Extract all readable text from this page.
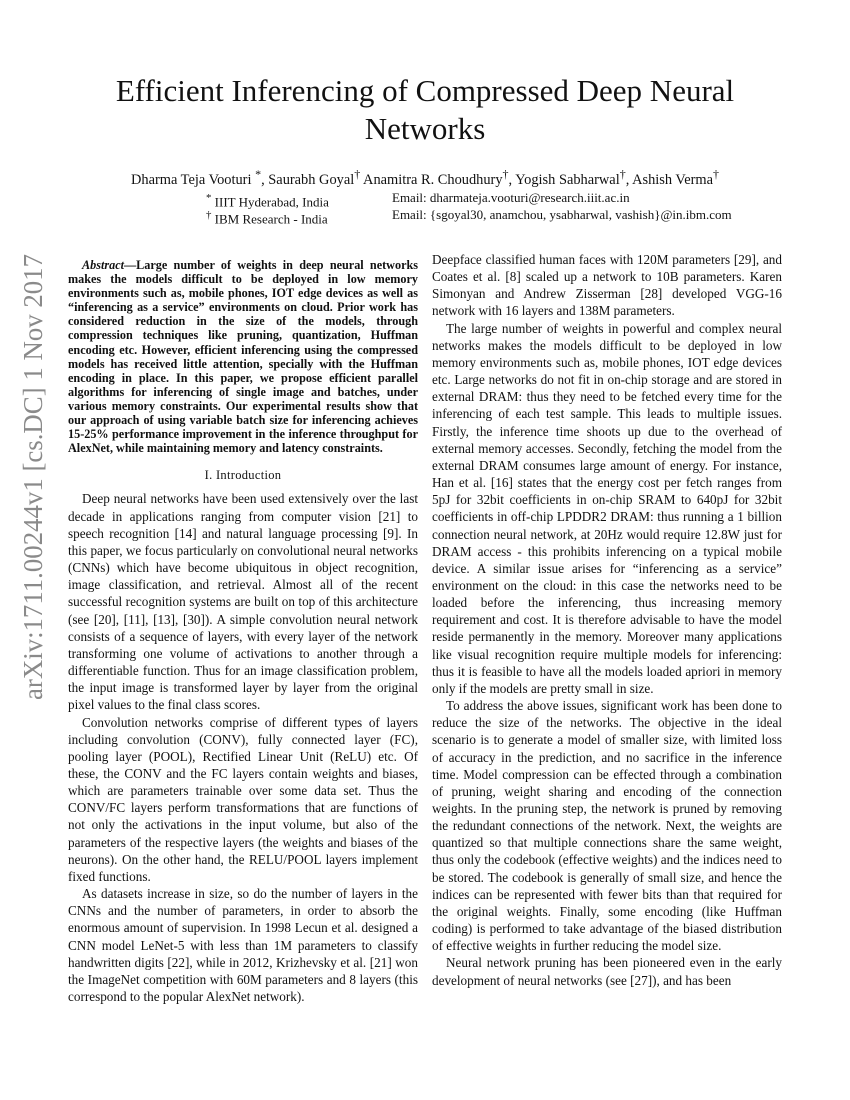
arXiv:1711.00244v1 [cs.DC] 1 Nov 2017
Efficient Inferencing of Compressed Deep Neural Networks
Dharma Teja Vooturi *, Saurabh Goyal† Anamitra R. Choudhury†, Yogish Sabharwal†, Ashish Verma†
* IIIT Hyderabad, India	Email: dharmateja.vooturi@research.iiit.ac.in
† IBM Research - India	Email: {sgoyal30, anamchou, ysabharwal, vashish}@in.ibm.com

Abstract—Large number of weights in deep neural networks makes the models difficult to be deployed in low memory environments such as, mobile phones, IOT edge devices as well as “inferencing as a service” environments on cloud. Prior work has considered reduction in the size of the models, through compression techniques like pruning, quantization, Huffman encoding etc. However, efficient inferencing using the compressed models has received little attention, specially with the Huffman encoding in place. In this paper, we propose efficient parallel algorithms for inferencing of single image and batches, under various memory constraints. Our experimental results show that our approach of using variable batch size for inferencing achieves 15-25% performance improvement in the inference throughput for AlexNet, while maintaining memory and latency constraints.

I. Introduction

Deep neural networks have been used extensively over the last decade in applications ranging from computer vision [21] to speech recognition [14] and natural language processing [9]. In this paper, we focus particularly on convolutional neural networks (CNNs) which have become ubiquitous in object recognition, image classification, and retrieval. Almost all of the recent successful recognition systems are built on top of this architecture (see [20], [11], [13], [30]). A simple convolution neural network consists of a sequence of layers, with every layer of the network transforming one volume of activations to another through a differentiable function. Thus for an image classification problem, the input image is transformed layer by layer from the original pixel values to the final class scores.

Convolution networks comprise of different types of layers including convolution (CONV), fully connected layer (FC), pooling layer (POOL), Rectified Linear Unit (ReLU) etc. Of these, the CONV and the FC layers contain weights and biases, which are parameters trainable over some data set. Thus the CONV/FC layers perform transformations that are functions of not only the activations in the input volume, but also of the parameters of the respective layers (the weights and biases of the neurons). On the other hand, the RELU/POOL layers implement fixed functions.

As datasets increase in size, so do the number of layers in the CNNs and the number of parameters, in order to absorb the enormous amount of supervision. In 1998 Lecun et al. designed a CNN model LeNet-5 with less than 1M parameters to classify handwritten digits [22], while in 2012, Krizhevsky et al. [21] won the ImageNet competition with 60M parameters and 8 layers (this correspond to the popular AlexNet network).

Deepface classified human faces with 120M parameters [29], and Coates et al. [8] scaled up a network to 10B parameters. Karen Simonyan and Andrew Zisserman [28] developed VGG-16 network with 16 layers and 138M parameters.

The large number of weights in powerful and complex neural networks makes the models difficult to be deployed in low memory environments such as, mobile phones, IOT edge devices etc. Large networks do not fit in on-chip storage and are stored in external DRAM: thus they need to be fetched every time for the inferencing of each test sample. This leads to multiple issues. Firstly, the inference time shoots up due to the overhead of external memory accesses. Secondly, fetching the model from the external DRAM consumes large amount of energy. For instance, Han et al. [16] states that the energy cost per fetch ranges from 5pJ for 32bit coefficients in on-chip SRAM to 640pJ for 32bit coefficients in off-chip LPDDR2 DRAM: thus running a 1 billion connection neural network, at 20Hz would require 12.8W just for DRAM access - this prohibits inferencing on a typical mobile device. A similar issue arises for “inferencing as a service” environment on the cloud: in this case the networks need to be loaded before the inferencing, thus increasing memory requirement and cost. It is therefore advisable to have the model reside permanently in the memory. Moreover many applications like visual recognition require multiple models for inferencing: thus it is feasible to have all the models loaded apriori in memory only if the models are pretty small in size.

To address the above issues, significant work has been done to reduce the size of the networks. The objective in the ideal scenario is to generate a model of smaller size, with limited loss of accuracy in the prediction, and no sacrifice in the inference time. Model compression can be effected through a combination of pruning, weight sharing and encoding of the connection weights. In the pruning step, the network is pruned by removing the redundant connections of the network. Next, the weights are quantized so that multiple connections share the same weight, thus only the codebook (effective weights) and the indices need to be stored. The codebook is generally of small size, and hence the indices can be represented with fewer bits than that required for the original weights. Finally, some encoding (like Huffman coding) is performed to take advantage of the biased distribution of effective weights in further reducing the model size.

Neural network pruning has been pioneered even in the early development of neural networks (see [27]), and has been
